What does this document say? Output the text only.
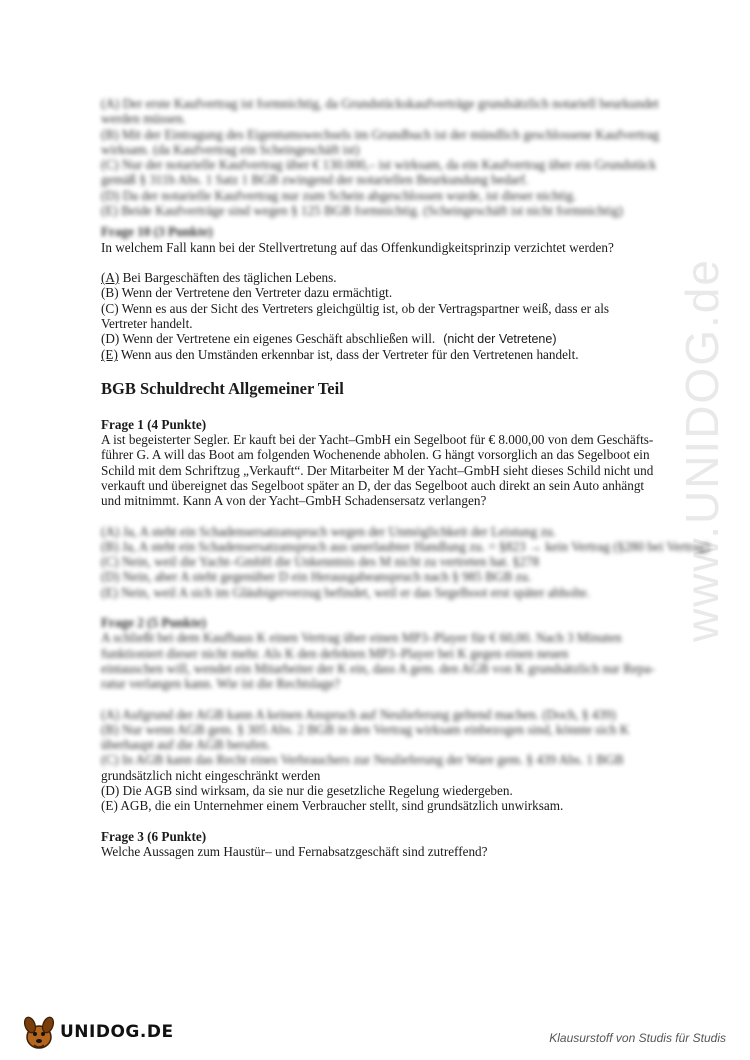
www.UNIDOG.de
(A) Der erste Kaufvertrag ist formnichtig, da Grundstückskaufverträge grundsätzlich notariell beurkundet
werden müssen.
(B) Mit der Eintragung des Eigentumswechsels im Grundbuch ist der mündlich geschlossene Kaufvertrag
wirksam. (da Kaufvertrag ein Scheingeschäft ist)
(C) Nur der notarielle Kaufvertrag über € 130.000,– ist wirksam, da ein Kaufvertrag über ein Grundstück
gemäß § 311b Abs. 1 Satz 1 BGB zwingend der notariellen Beurkundung bedarf.
(D) Da der notarielle Kaufvertrag nur zum Schein abgeschlossen wurde, ist dieser nichtig.
(E) Beide Kaufverträge sind wegen § 125 BGB formnichtig. (Scheingeschäft ist nicht formnichtig)
Frage 10 (3 Punkte)
In welchem Fall kann bei der Stellvertretung auf das Offenkundigkeitsprinzip verzichtet werden?
(A) Bei Bargeschäften des täglichen Lebens.
(B) Wenn der Vertretene den Vertreter dazu ermächtigt.
(C) Wenn es aus der Sicht des Vertreters gleichgültig ist, ob der Vertragspartner weiß, dass er als
Vertreter handelt.
(D) Wenn der Vertretene ein eigenes Geschäft abschließen will. (nicht der Vetretene)
(E) Wenn aus den Umständen erkennbar ist, dass der Vertreter für den Vertretenen handelt.
BGB Schuldrecht Allgemeiner Teil
Frage 1 (4 Punkte)
A ist begeisterter Segler. Er kauft bei der Yacht–GmbH ein Segelboot für € 8.000,00 von dem Geschäfts-
führer G. A will das Boot am folgenden Wochenende abholen. G hängt vorsorglich an das Segelboot ein
Schild mit dem Schriftzug „Verkauft“. Der Mitarbeiter M der Yacht–GmbH sieht dieses Schild nicht und
verkauft und übereignet das Segelboot später an D, der das Segelboot auch direkt an sein Auto anhängt
und mitnimmt. Kann A von der Yacht–GmbH Schadensersatz verlangen?
(A) Ja, A steht ein Schadensersatzanspruch wegen der Unmöglichkeit der Leistung zu.
(B) Ja, A steht ein Schadensersatzanspruch aus unerlaubter Handlung zu. = §823 → kein Vertrag (§280 bei Vertrag)
(C) Nein, weil die Yacht–GmbH die Unkenntnis des M nicht zu vertreten hat. §278
(D) Nein, aber A steht gegenüber D ein Herausgabeanspruch nach § 985 BGB zu.
(E) Nein, weil A sich im Gläubigerverzug befindet, weil er das Segelboot erst später abholte.
Frage 2 (5 Punkte)
A schließt bei dem Kaufhaus K einen Vertrag über einen MP3–Player für € 60,00. Nach 3 Minuten
funktioniert dieser nicht mehr. Als K den defekten MP3–Player bei K gegen einen neuen
eintauschen will, wendet ein Mitarbeiter der K ein, dass A gem. den AGB von K grundsätzlich nur Repa-
ratur verlangen kann. Wie ist die Rechtslage?
(A) Aufgrund der AGB kann A keinen Anspruch auf Neulieferung geltend machen. (Doch, § 439)
(B) Nur wenn AGB gem. § 305 Abs. 2 BGB in den Vertrag wirksam einbezogen sind, könnte sich K
überhaupt auf die AGB berufen.
(C) In AGB kann das Recht eines Verbrauchers zur Neulieferung der Ware gem. § 439 Abs. 1 BGB
grundsätzlich nicht eingeschränkt werden
(D) Die AGB sind wirksam, da sie nur die gesetzliche Regelung wiedergeben.
(E) AGB, die ein Unternehmer einem Verbraucher stellt, sind grundsätzlich unwirksam.
Frage 3 (6 Punkte)
Welche Aussagen zum Haustür– und Fernabsatzgeschäft sind zutreffend?
UNIDOG.DE	Klausurstoff von Studis für Studis
